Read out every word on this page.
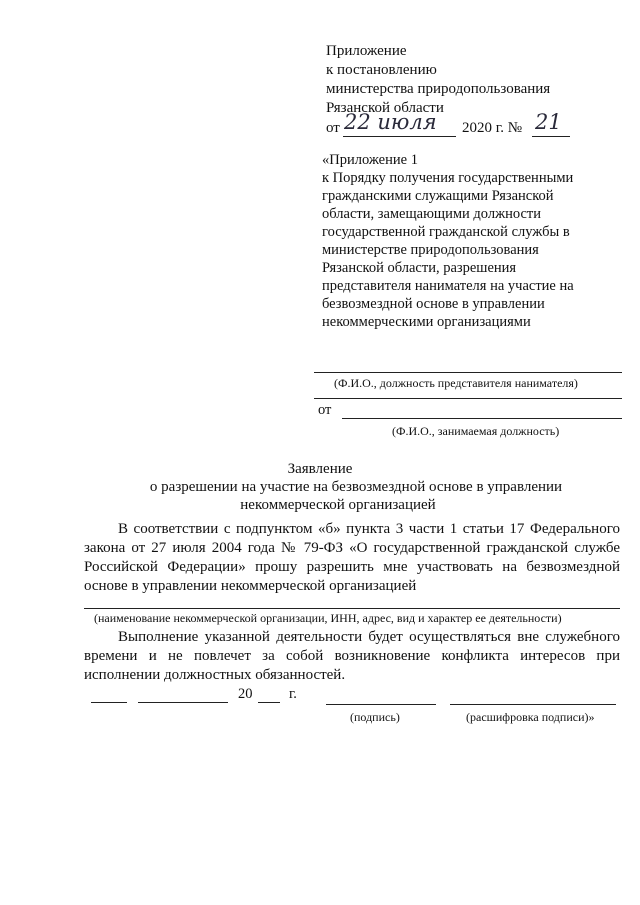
Приложение
к постановлению
министерства природопользования
Рязанской области
от 22 июля 2020 г. № 21
«Приложение 1
к Порядку получения государственными
гражданскими служащими Рязанской
области, замещающими должности
государственной гражданской службы в
министерстве природопользования
Рязанской области, разрешения
представителя нанимателя на участие на
безвозмездной основе в управлении
некоммерческими организациями
(Ф.И.О., должность представителя нанимателя)
от
(Ф.И.О., занимаемая должность)
Заявление
о разрешении на участие на безвозмездной основе в управлении
некоммерческой организацией
В соответствии с подпунктом «б» пункта 3 части 1 статьи 17 Федерального
закона от 27 июля 2004 года № 79-ФЗ «О государственной гражданской службе
Российской Федерации» прошу разрешить мне участвовать на безвозмездной
основе в управлении некоммерческой организацией
(наименование некоммерческой организации, ИНН, адрес, вид и характер ее деятельности)
Выполнение указанной деятельности будет осуществляться вне служебного
времени и не повлечет за собой возникновение конфликта интересов при
исполнении должностных обязанностей.
20	г.
(подпись)	(расшифровка подписи)»
